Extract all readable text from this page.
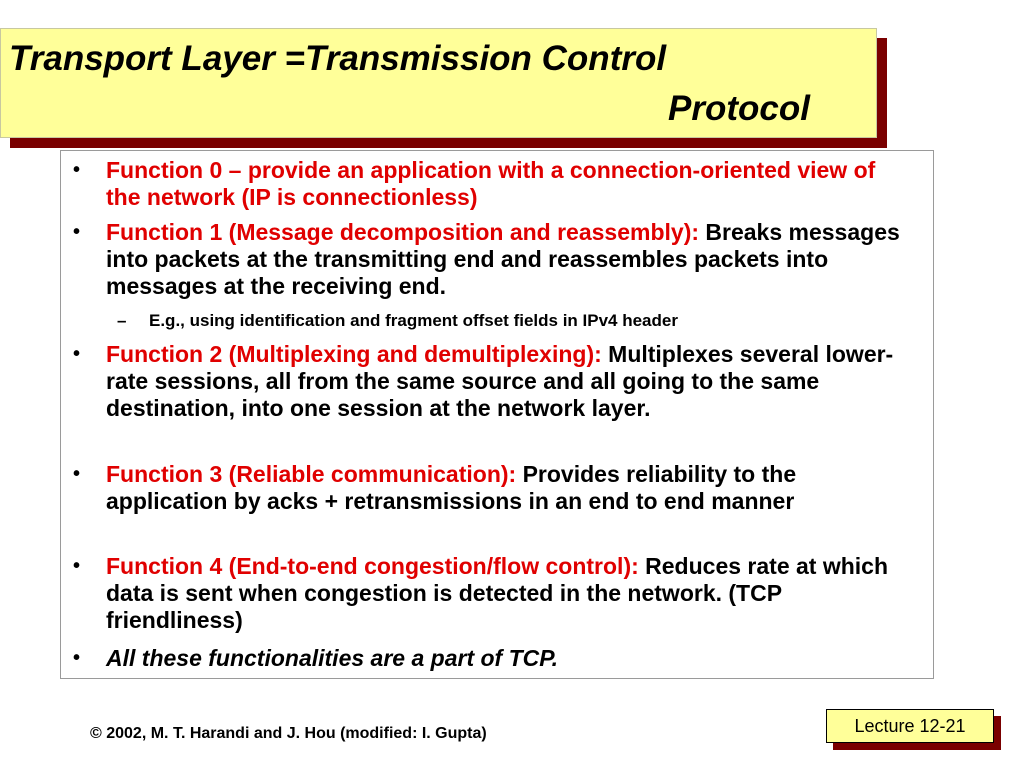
Transport Layer =Transmission Control
Protocol
• Function 0 – provide an application with a connection-oriented view of the network (IP is connectionless)
• Function 1 (Message decomposition and reassembly): Breaks messages into packets at the transmitting end and reassembles packets into messages at the receiving end.
– E.g., using identification and fragment offset fields in IPv4 header
• Function 2 (Multiplexing and demultiplexing): Multiplexes several lower-rate sessions, all from the same source and all going to the same destination, into one session at the network layer.
• Function 3 (Reliable communication): Provides reliability to the application by acks + retransmissions in an end to end manner
• Function 4 (End-to-end congestion/flow control): Reduces rate at which data is sent when congestion is detected in the network. (TCP friendliness)
• All these functionalities are a part of TCP.
© 2002, M. T. Harandi and J. Hou (modified: I. Gupta)	Lecture 12-21
